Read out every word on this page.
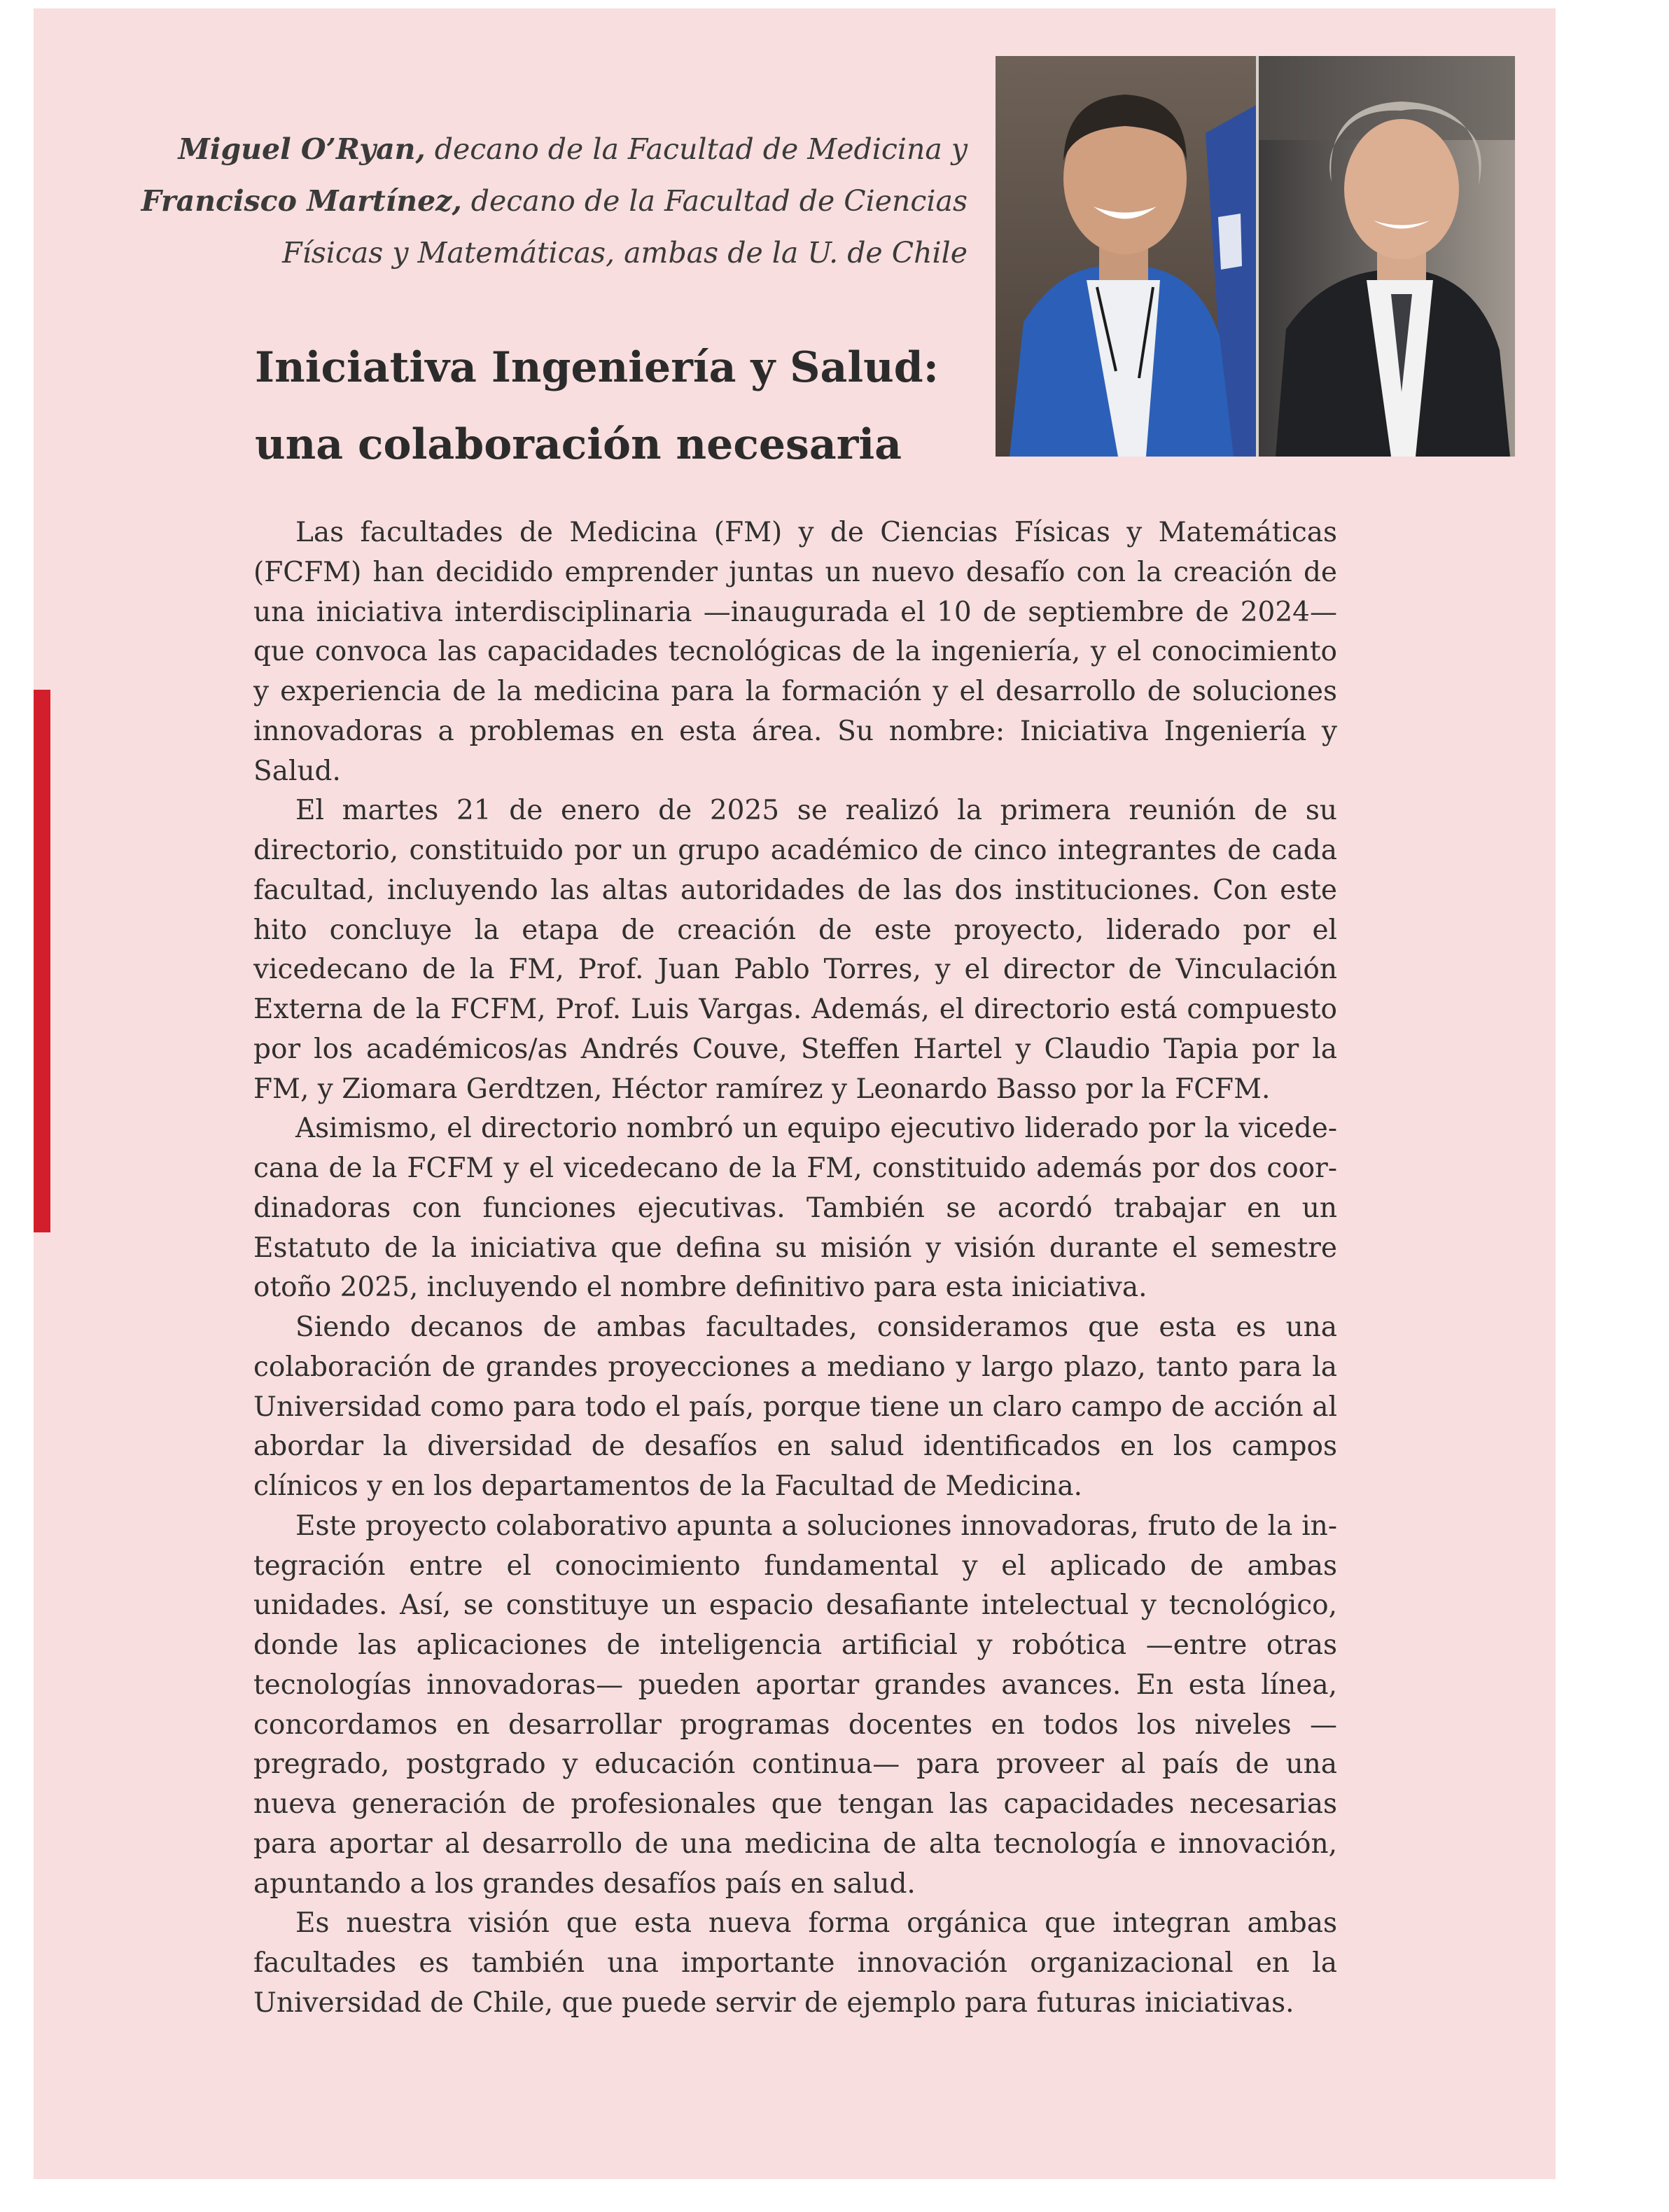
Miguel O’Ryan, decano de la Facultad de Medicina y
Francisco Martínez, decano de la Facultad de Ciencias
Físicas y Matemáticas, ambas de la U. de Chile

Iniciativa Ingeniería y Salud:
una colaboración necesaria

Las facultades de Medicina (FM) y de Ciencias Físicas y Matemáticas (FCFM) han decidido emprender juntas un nuevo desafío con la creación de una iniciativa interdisciplinaria —inaugurada el 10 de septiembre de 2024— que convoca las capacidades tecnológicas de la ingeniería, y el conocimiento y experiencia de la medicina para la formación y el desarrollo de soluciones innovadoras a problemas en esta área. Su nombre: Iniciativa Ingeniería y Salud.

El martes 21 de enero de 2025 se realizó la primera reunión de su directorio, constituido por un grupo académico de cinco integrantes de cada facultad, incluyendo las altas autoridades de las dos instituciones. Con este hito concluye la etapa de creación de este proyecto, liderado por el vicedecano de la FM, Prof. Juan Pablo Torres, y el director de Vinculación Externa de la FCFM, Prof. Luis Vargas. Además, el directorio está compuesto por los académicos/as Andrés Couve, Steffen Hartel y Claudio Tapia por la FM, y Ziomara Gerdtzen, Héctor ramírez y Leonardo Basso por la FCFM.

Asimismo, el directorio nombró un equipo ejecutivo liderado por la vicedecana de la FCFM y el vicedecano de la FM, constituido además por dos coordinadoras con funciones ejecutivas. También se acordó trabajar en un Estatuto de la iniciativa que defina su misión y visión durante el semestre otoño 2025, incluyendo el nombre definitivo para esta iniciativa.

Siendo decanos de ambas facultades, consideramos que esta es una colaboración de grandes proyecciones a mediano y largo plazo, tanto para la Universidad como para todo el país, porque tiene un claro campo de acción al abordar la diversidad de desafíos en salud identificados en los campos clínicos y en los departamentos de la Facultad de Medicina.

Este proyecto colaborativo apunta a soluciones innovadoras, fruto de la integración entre el conocimiento fundamental y el aplicado de ambas unidades. Así, se constituye un espacio desafiante intelectual y tecnológico, donde las aplicaciones de inteligencia artificial y robótica —entre otras tecnologías innovadoras— pueden aportar grandes avances. En esta línea, concordamos en desarrollar programas docentes en todos los niveles —pregrado, postgrado y educación continua— para proveer al país de una nueva generación de profesionales que tengan las capacidades necesarias para aportar al desarrollo de una medicina de alta tecnología e innovación, apuntando a los grandes desafíos país en salud.

Es nuestra visión que esta nueva forma orgánica que integran ambas facultades es también una importante innovación organizacional en la Universidad de Chile, que puede servir de ejemplo para futuras iniciativas.
